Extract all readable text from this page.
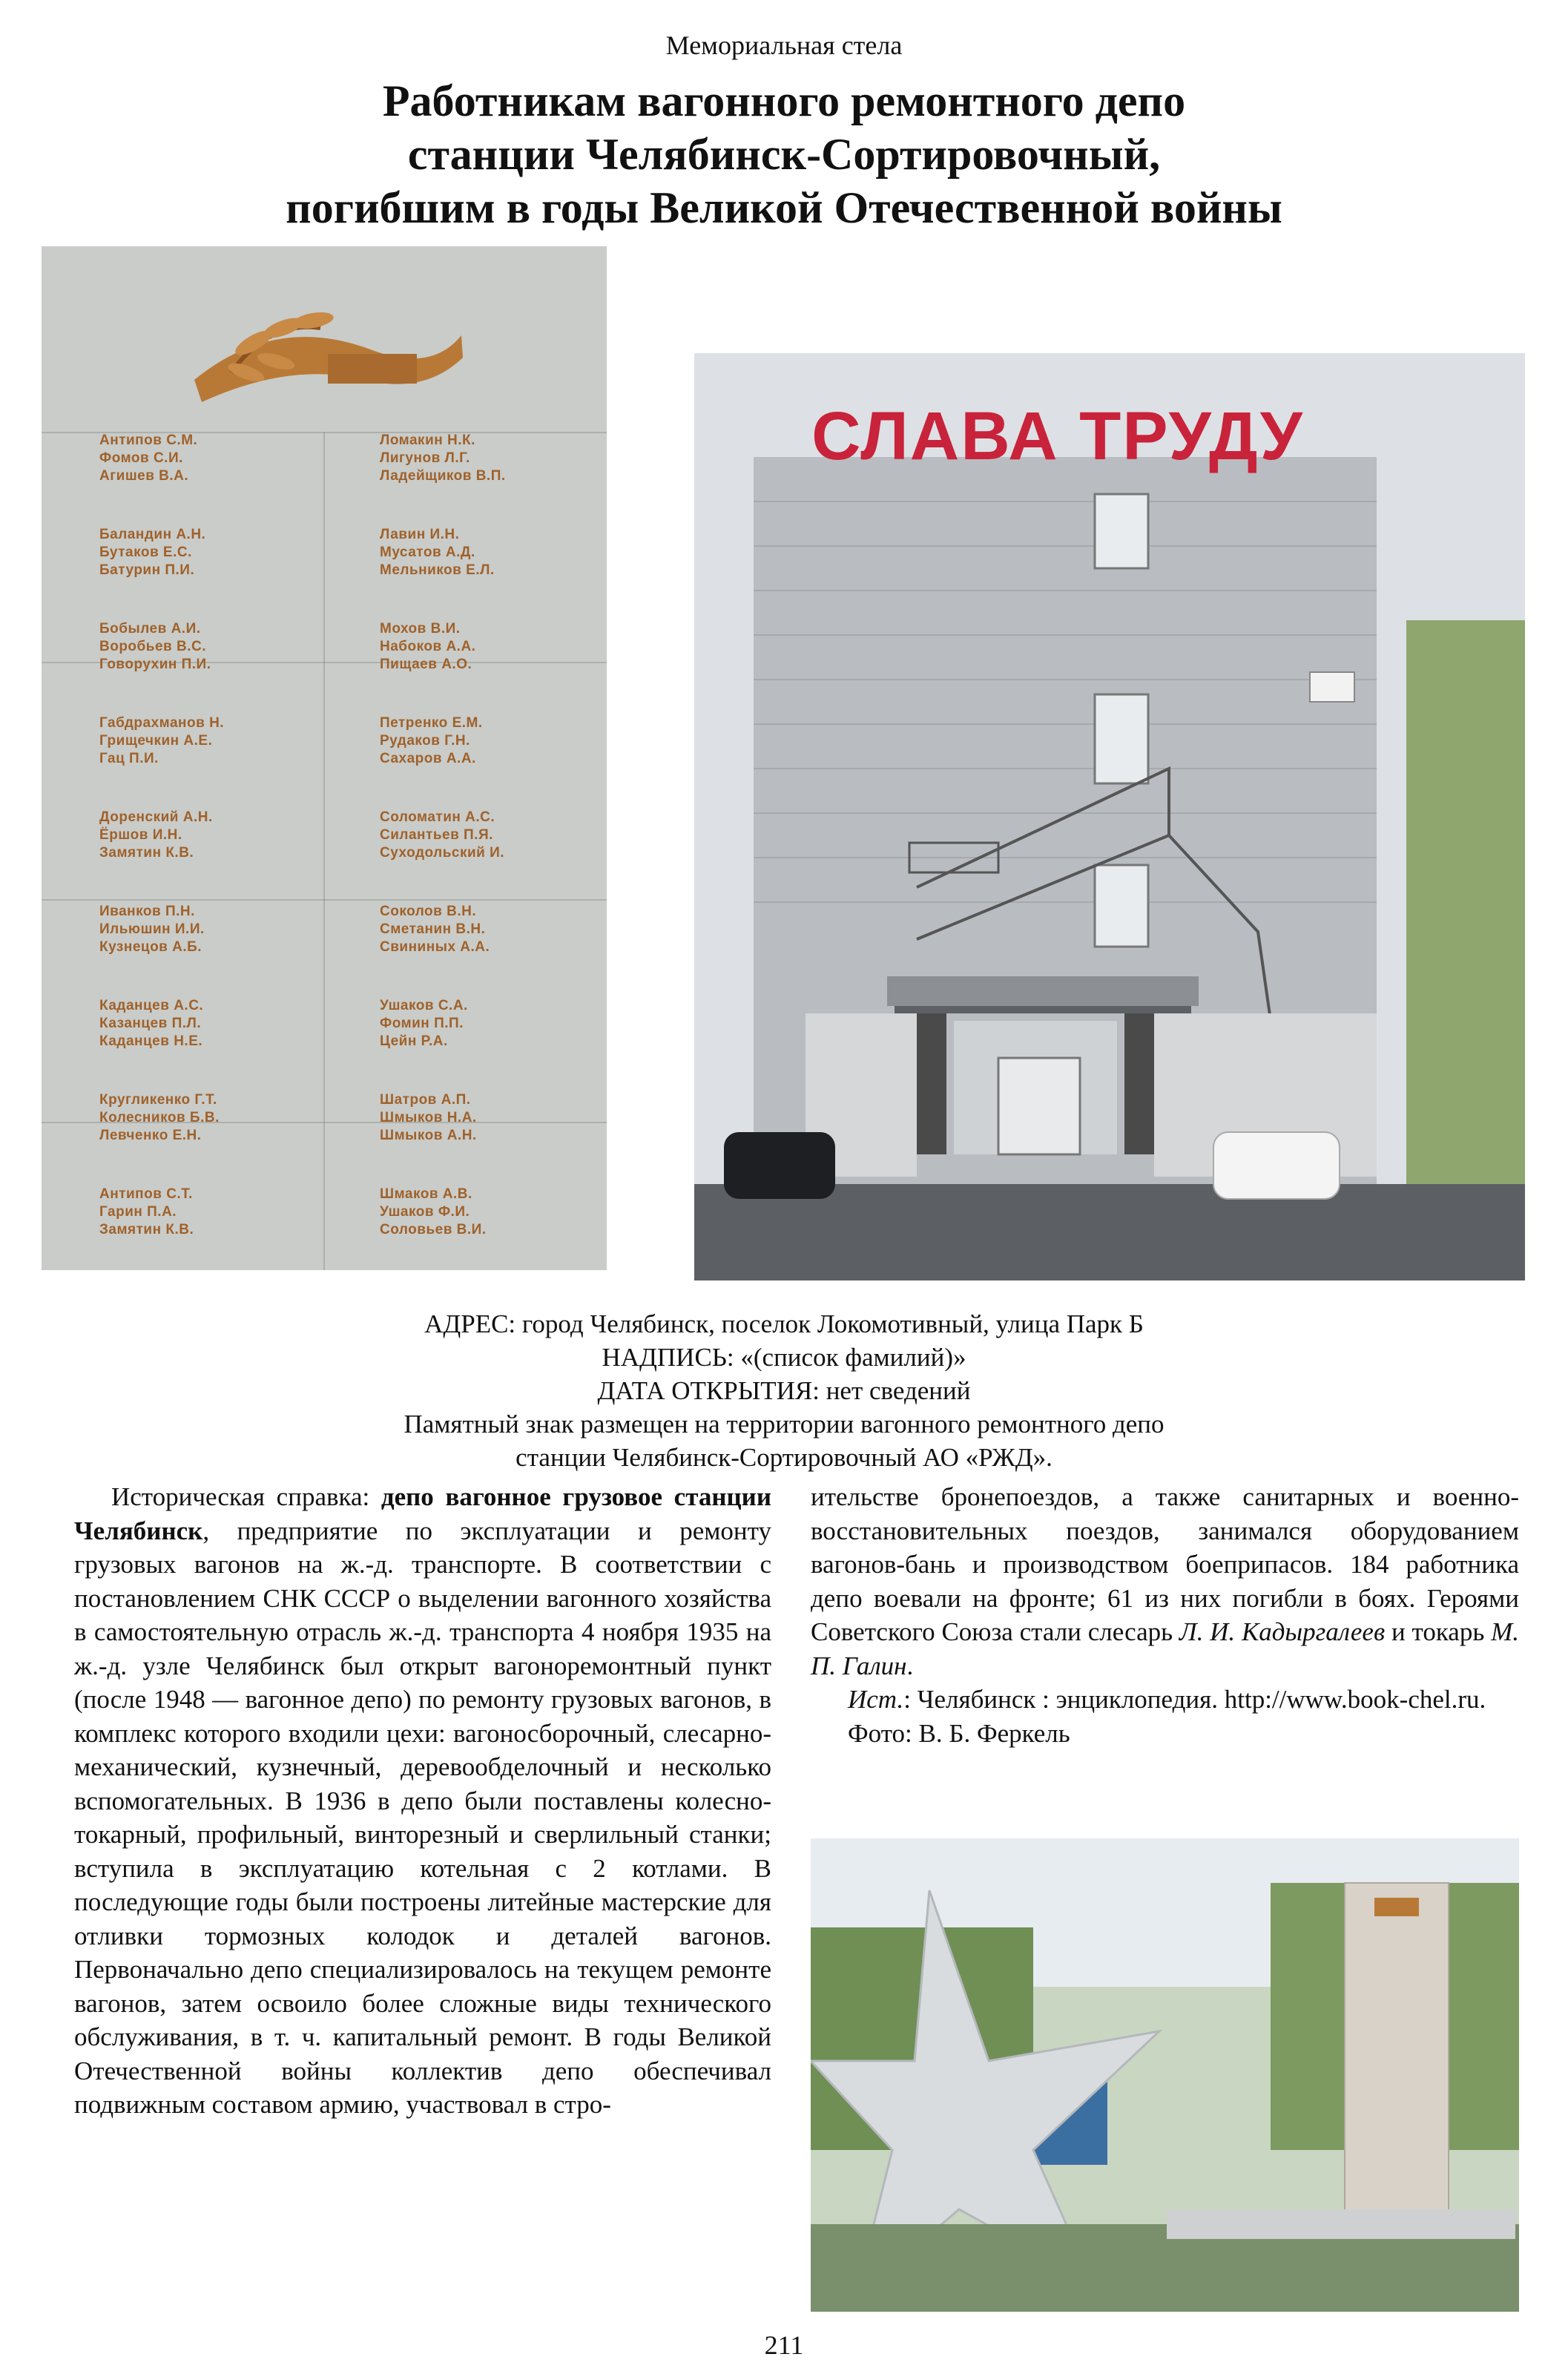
Мемориальная стела
Работникам вагонного ремонтного депо
станции Челябинск-Сортировочный,
погибшим в годы Великой Отечественной войны
Антипов С.М.
Фомов С.И.
Агишев В.А.
Баландин А.Н.
Бутаков Е.С.
Батурин П.И.
Бобылев А.И.
Воробьев В.С.
Говорухин П.И.
Габдрахманов Н.
Грищечкин А.Е.
Гац П.И.
Доренский А.Н.
Ёршов И.Н.
Замятин К.В.
Иванков П.Н.
Ильюшин И.И.
Кузнецов А.Б.
Каданцев А.С.
Казанцев П.Л.
Каданцев Н.Е.
Кругликенко Г.Т.
Колесников Б.В.
Левченко Е.Н.
Антипов С.Т.
Гарин П.А.
Замятин К.В.
Ломакин Н.К.
Лигунов Л.Г.
Ладейщиков В.П.
Лавин И.Н.
Мусатов А.Д.
Мельников Е.Л.
Мохов В.И.
Набоков А.А.
Пищаев А.О.
Петренко Е.М.
Рудаков Г.Н.
Сахаров А.А.
Соломатин А.С.
Силантьев П.Я.
Суходольский И.
Соколов В.Н.
Сметанин В.Н.
Свининых А.А.
Ушаков С.А.
Фомин П.П.
Цейн Р.А.
Шатров А.П.
Шмыков Н.А.
Шмыков А.Н.
Шмаков А.В.
Ушаков Ф.И.
Соловьев В.И.
СЛАВА ТРУДУ
АДРЕС: город Челябинск, поселок Локомотивный, улица Парк Б
НАДПИСЬ: «(список фамилий)»
ДАТА ОТКРЫТИЯ: нет сведений
Памятный знак размещен на территории вагонного ремонтного депо
станции Челябинск-Сортировочный АО «РЖД».

Историческая справка: депо вагонное грузовое станции Челябинск, предприятие по эксплуатации и ремонту грузовых вагонов на ж.-д. транспорте. В соответствии с постановлением СНК СССР о выделении вагонного хозяйства в самостоятельную отрасль ж.-д. транспорта 4 ноября 1935 на ж.-д. узле Челябинск был открыт вагоноремонтный пункт (после 1948 — вагонное депо) по ремонту грузовых вагонов, в комплекс которого входили цехи: вагоносборочный, слесарно-механический, кузнечный, деревообделочный и несколько вспомогательных. В 1936 в депо были поставлены колесно-токарный, профильный, винторезный и сверлильный станки; вступила в эксплуатацию котельная с 2 котлами. В последующие годы были построены литейные мастерские для отливки тормозных колодок и деталей вагонов. Первоначально депо специализировалось на текущем ремонте вагонов, затем освоило более сложные виды технического обслуживания, в т. ч. капитальный ремонт. В годы Великой Отечественной войны коллектив депо обеспечивал подвижным составом армию, участвовал в стро-

ительстве бронепоездов, а также санитарных и военно-восстановительных поездов, занимался оборудованием вагонов-бань и производством боеприпасов. 184 работника депо воевали на фронте; 61 из них погибли в боях. Героями Советского Союза стали слесарь Л. И. Кадыргалеев и токарь М. П. Галин.

Ист.: Челябинск : энциклопедия. http://www.book-chel.ru.

Фото: В. Б. Феркель

211
